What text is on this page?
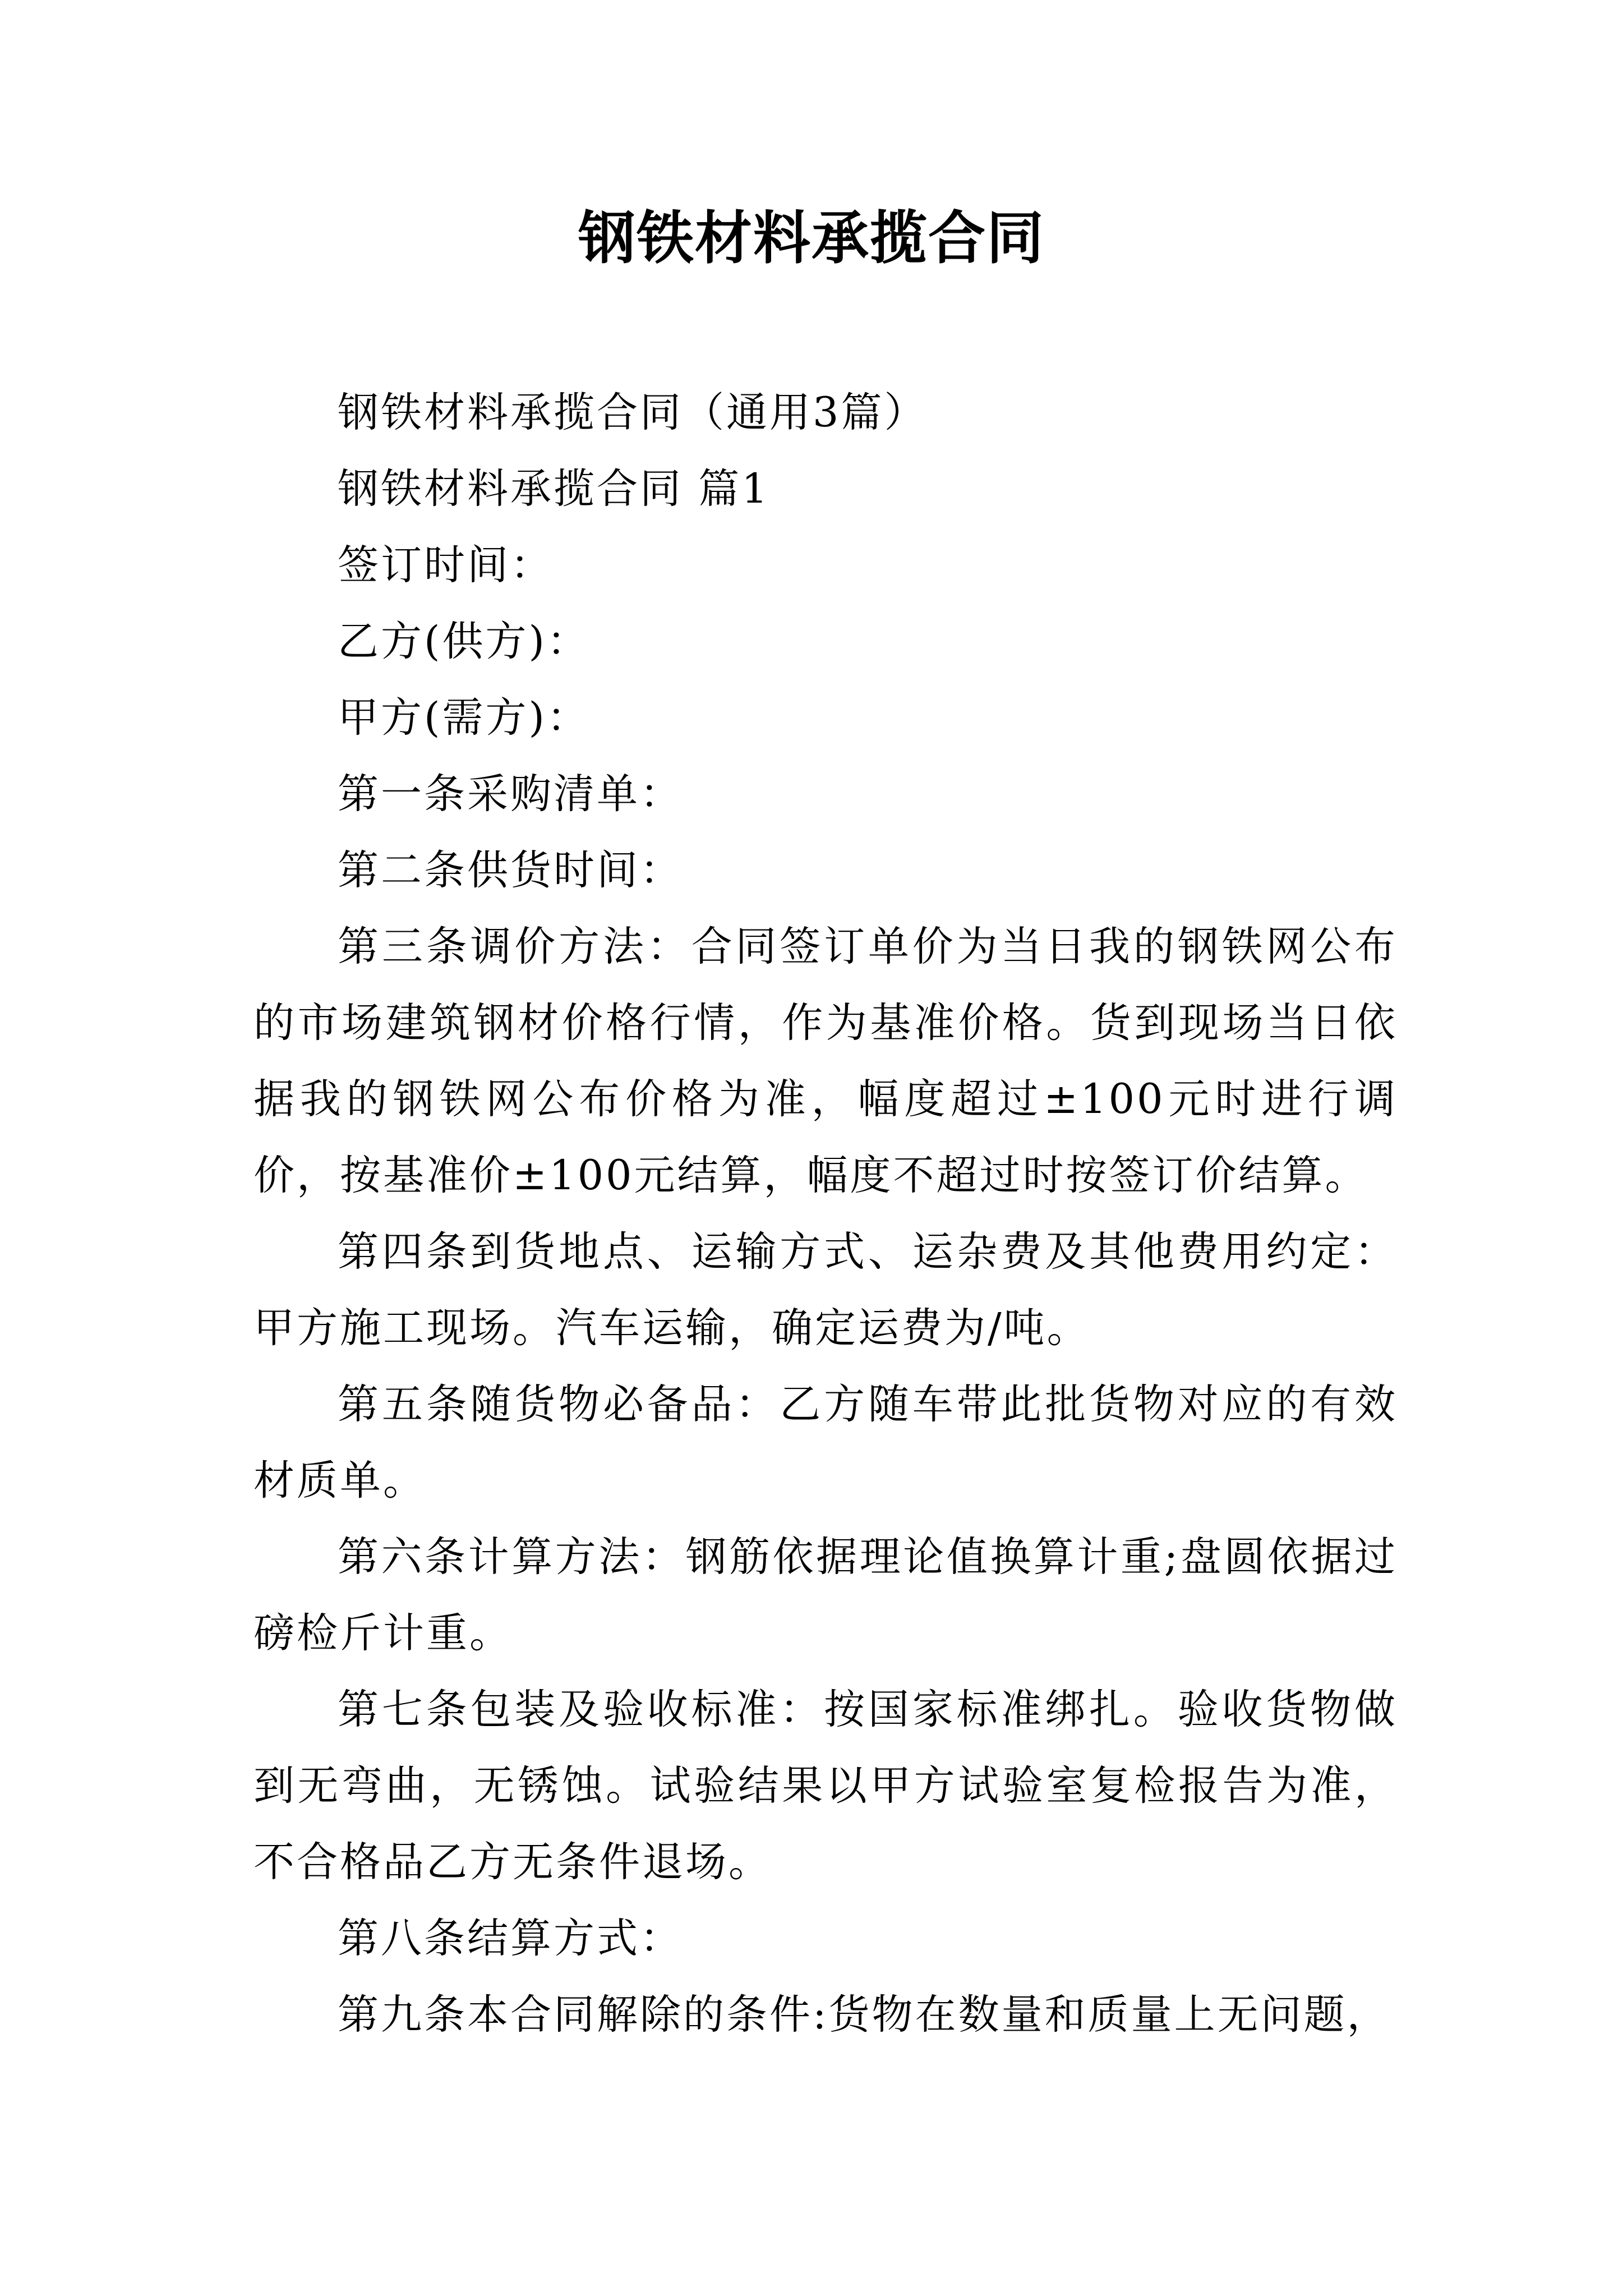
钢铁材料承揽合同

钢铁材料承揽合同（通用3篇）

钢铁材料承揽合同 篇1

签订时间：

乙方(供方)：

甲方(需方)：

第一条采购清单：

第二条供货时间：

第三条调价方法：合同签订单价为当日我的钢铁网公布的市场建筑钢材价格行情，作为基准价格。货到现场当日依据我的钢铁网公布价格为准，幅度超过±100元时进行调价，按基准价±100元结算，幅度不超过时按签订价结算。

第四条到货地点、运输方式、运杂费及其他费用约定：甲方施工现场。汽车运输，确定运费为/吨。

第五条随货物必备品：乙方随车带此批货物对应的有效材质单。

第六条计算方法：钢筋依据理论值换算计重;盘圆依据过磅检斤计重。

第七条包装及验收标准：按国家标准绑扎。验收货物做到无弯曲，无锈蚀。试验结果以甲方试验室复检报告为准，不合格品乙方无条件退场。

第八条结算方式：

第九条本合同解除的条件:货物在数量和质量上无问题，
